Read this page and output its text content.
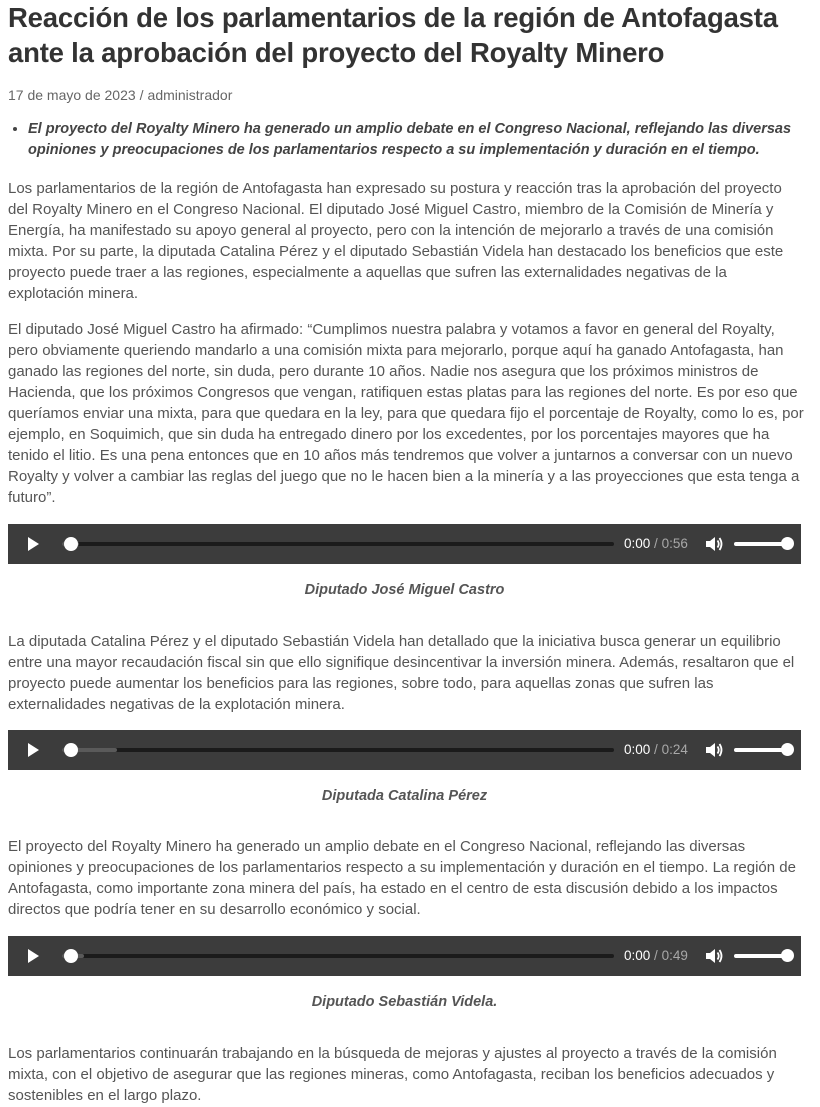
Reacción de los parlamentarios de la región de Antofagasta ante la aprobación del proyecto del Royalty Minero
17 de mayo de 2023 / administrador
• El proyecto del Royalty Minero ha generado un amplio debate en el Congreso Nacional, reflejando las diversas opiniones y preocupaciones de los parlamentarios respecto a su implementación y duración en el tiempo.

Los parlamentarios de la región de Antofagasta han expresado su postura y reacción tras la aprobación del proyecto del Royalty Minero en el Congreso Nacional. El diputado José Miguel Castro, miembro de la Comisión de Minería y Energía, ha manifestado su apoyo general al proyecto, pero con la intención de mejorarlo a través de una comisión mixta. Por su parte, la diputada Catalina Pérez y el diputado Sebastián Videla han destacado los beneficios que este proyecto puede traer a las regiones, especialmente a aquellas que sufren las externalidades negativas de la explotación minera.

El diputado José Miguel Castro ha afirmado: “Cumplimos nuestra palabra y votamos a favor en general del Royalty, pero obviamente queriendo mandarlo a una comisión mixta para mejorarlo, porque aquí ha ganado Antofagasta, han ganado las regiones del norte, sin duda, pero durante 10 años. Nadie nos asegura que los próximos ministros de Hacienda, que los próximos Congresos que vengan, ratifiquen estas platas para las regiones del norte. Es por eso que queríamos enviar una mixta, para que quedara en la ley, para que quedara fijo el porcentaje de Royalty, como lo es, por ejemplo, en Soquimich, que sin duda ha entregado dinero por los excedentes, por los porcentajes mayores que ha tenido el litio. Es una pena entonces que en 10 años más tendremos que volver a juntarnos a conversar con un nuevo Royalty y volver a cambiar las reglas del juego que no le hacen bien a la minería y a las proyecciones que esta tenga a futuro”.

0:00 / 0:56
Diputado José Miguel Castro

La diputada Catalina Pérez y el diputado Sebastián Videla han detallado que la iniciativa busca generar un equilibrio entre una mayor recaudación fiscal sin que ello signifique desincentivar la inversión minera. Además, resaltaron que el proyecto puede aumentar los beneficios para las regiones, sobre todo, para aquellas zonas que sufren las externalidades negativas de la explotación minera.

0:00 / 0:24
Diputada Catalina Pérez

El proyecto del Royalty Minero ha generado un amplio debate en el Congreso Nacional, reflejando las diversas opiniones y preocupaciones de los parlamentarios respecto a su implementación y duración en el tiempo. La región de Antofagasta, como importante zona minera del país, ha estado en el centro de esta discusión debido a los impactos directos que podría tener en su desarrollo económico y social.

0:00 / 0:49
Diputado Sebastián Videla.

Los parlamentarios continuarán trabajando en la búsqueda de mejoras y ajustes al proyecto a través de la comisión mixta, con el objetivo de asegurar que las regiones mineras, como Antofagasta, reciban los beneficios adecuados y sostenibles en el largo plazo.
